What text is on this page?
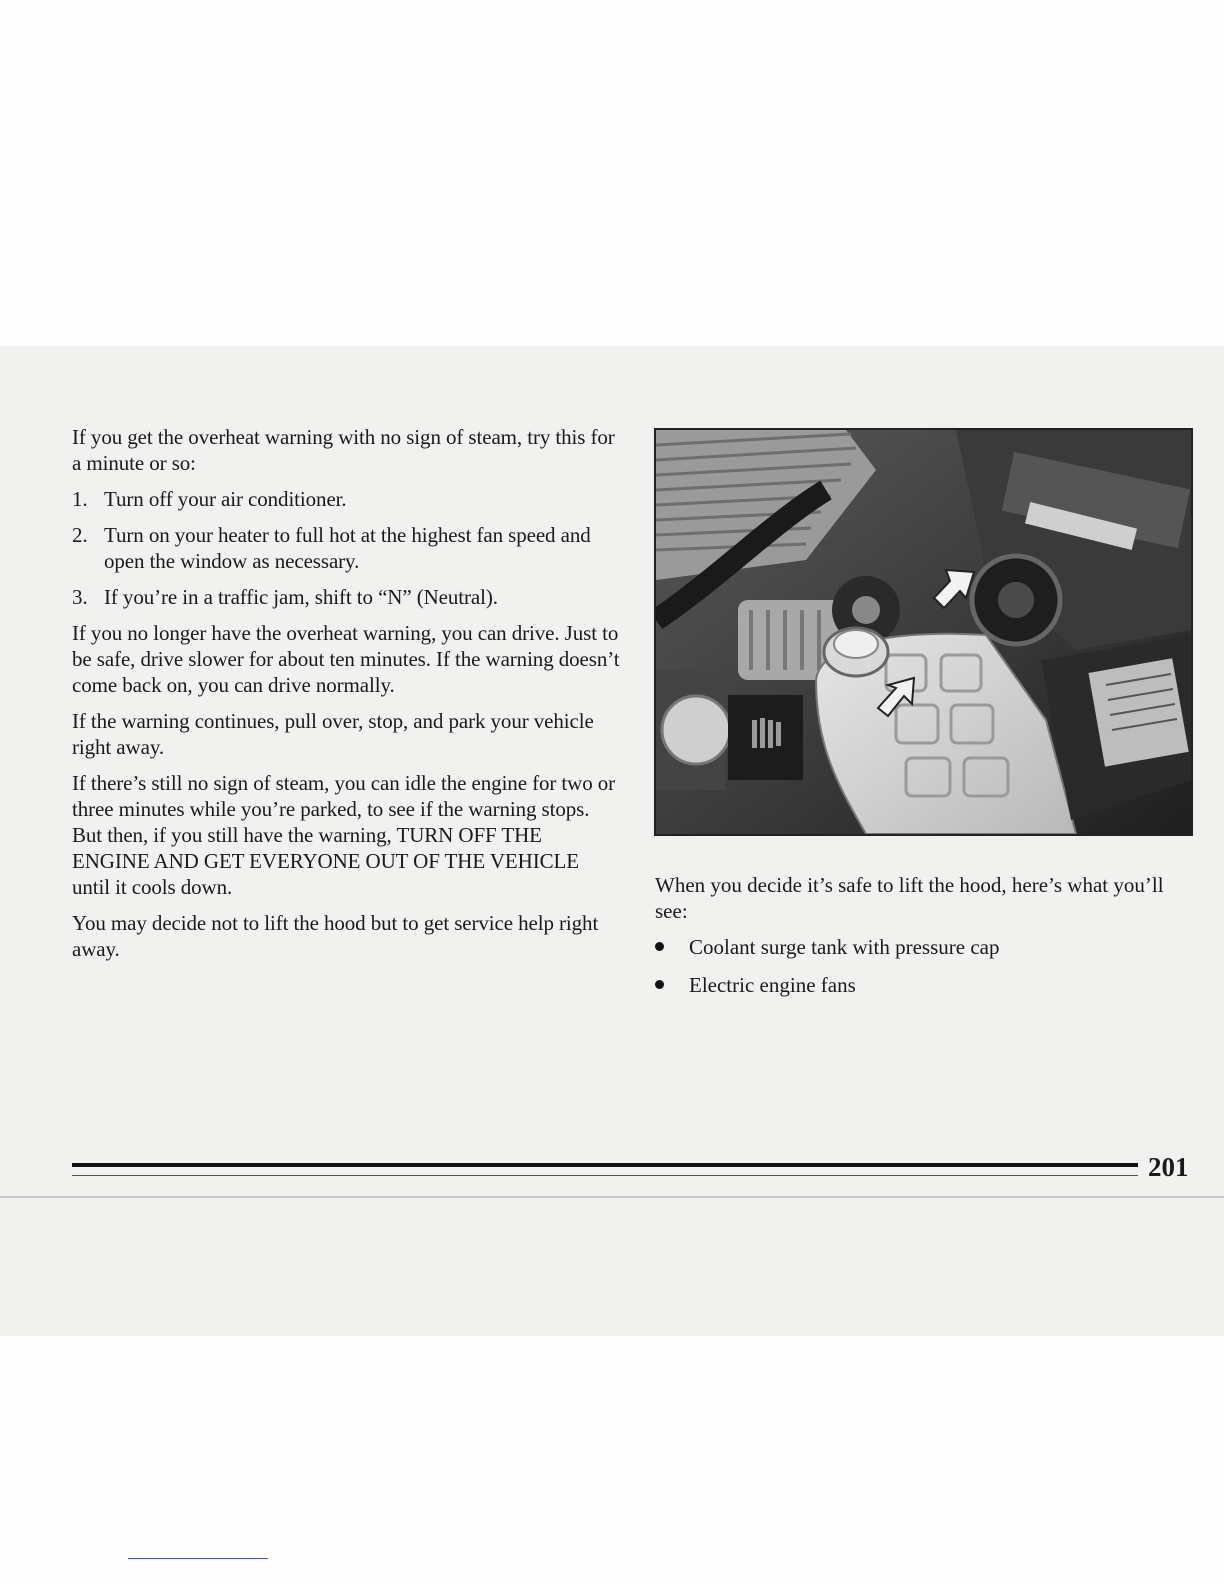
If you get the overheat warning with no sign of steam, try this for a minute or so:

1. Turn off your air conditioner.
2. Turn on your heater to full hot at the highest fan speed and open the window as necessary.
3. If you’re in a traffic jam, shift to “N” (Neutral).

If you no longer have the overheat warning, you can drive. Just to be safe, drive slower for about ten minutes. If the warning doesn’t come back on, you can drive normally.

If the warning continues, pull over, stop, and park your vehicle right away.

If there’s still no sign of steam, you can idle the engine for two or three minutes while you’re parked, to see if the warning stops. But then, if you still have the warning, TURN OFF THE ENGINE AND GET EVERYONE OUT OF THE VEHICLE until it cools down.

You may decide not to lift the hood but to get service help right away.

When you decide it’s safe to lift the hood, here’s what you’ll see:

Coolant surge tank with pressure cap
Electric engine fans
201
